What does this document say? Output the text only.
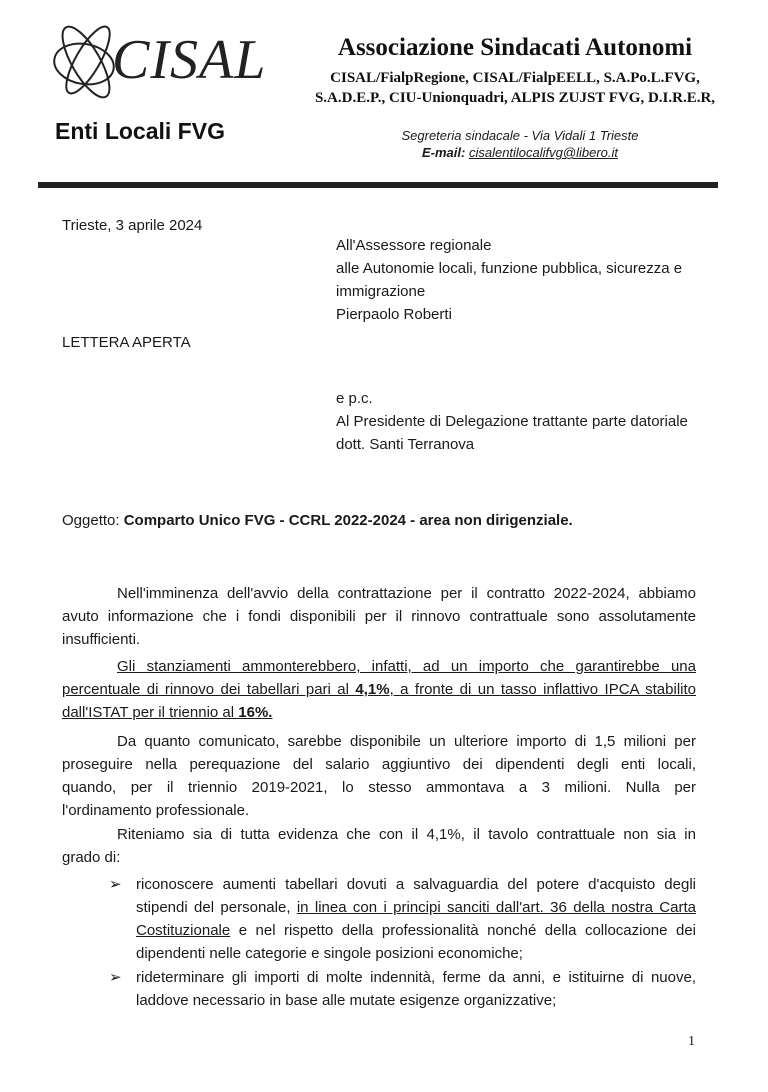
CISAL
Enti Locali FVG
Associazione Sindacati Autonomi
CISAL/FialpRegione, CISAL/FialpEELL, S.A.Po.L.FVG,
S.A.D.E.P., CIU-Unionquadri, ALPIS ZUJST FVG, D.I.R.E.R,
Segreteria sindacale - Via Vidali 1 Trieste
E-mail: cisalentilocalifvg@libero.it
Trieste, 3 aprile 2024
All'Assessore regionale
alle Autonomie locali, funzione pubblica, sicurezza e
immigrazione
Pierpaolo Roberti
LETTERA APERTA
e p.c.
Al Presidente di Delegazione trattante parte datoriale
dott. Santi Terranova
Oggetto: Comparto Unico FVG - CCRL 2022-2024 - area non dirigenziale.
Nell'imminenza dell'avvio della contrattazione per il contratto 2022-2024, abbiamo
avuto informazione che i fondi disponibili per il rinnovo contrattuale sono assolutamente
insufficienti.
Gli stanziamenti ammonterebbero, infatti, ad un importo che garantirebbe una
percentuale di rinnovo dei tabellari pari al 4,1%, a fronte di un tasso inflattivo IPCA stabilito
dall'ISTAT per il triennio al 16%.
Da quanto comunicato, sarebbe disponibile un ulteriore importo di 1,5 milioni per
proseguire nella perequazione del salario aggiuntivo dei dipendenti degli enti locali,
quando, per il triennio 2019-2021, lo stesso ammontava a 3 milioni. Nulla per
l'ordinamento professionale.
Riteniamo sia di tutta evidenza che con il 4,1%, il tavolo contrattuale non sia in
grado di:
➢ riconoscere aumenti tabellari dovuti a salvaguardia del potere d'acquisto degli
stipendi del personale, in linea con i principi sanciti dall'art. 36 della nostra Carta
Costituzionale e nel rispetto della professionalità nonché della collocazione dei
dipendenti nelle categorie e singole posizioni economiche;
➢ rideterminare gli importi di molte indennità, ferme da anni, e istituirne di nuove,
laddove necessario in base alle mutate esigenze organizzative;
1
